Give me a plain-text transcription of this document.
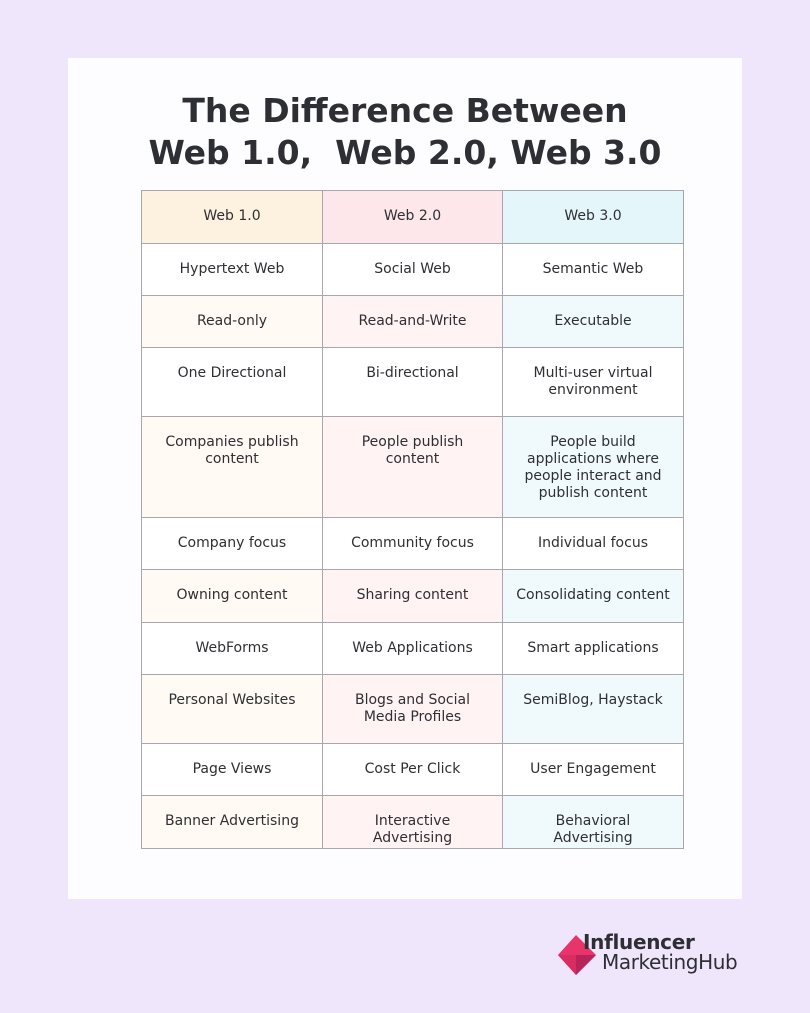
The Difference Between
Web 1.0,  Web 2.0, Web 3.0
Web 1.0	Web 2.0	Web 3.0
Hypertext Web	Social Web	Semantic Web
Read-only	Read-and-Write	Executable
One Directional	Bi-directional	Multi-user virtual environment
Companies publish content	People publish content	People build applications where people interact and publish content
Company focus	Community focus	Individual focus
Owning content	Sharing content	Consolidating content
WebForms	Web Applications	Smart applications
Personal Websites	Blogs and Social Media Profiles	SemiBlog, Haystack
Page Views	Cost Per Click	User Engagement
Banner Advertising	Interactive Advertising	Behavioral Advertising
Influencer
MarketingHub
